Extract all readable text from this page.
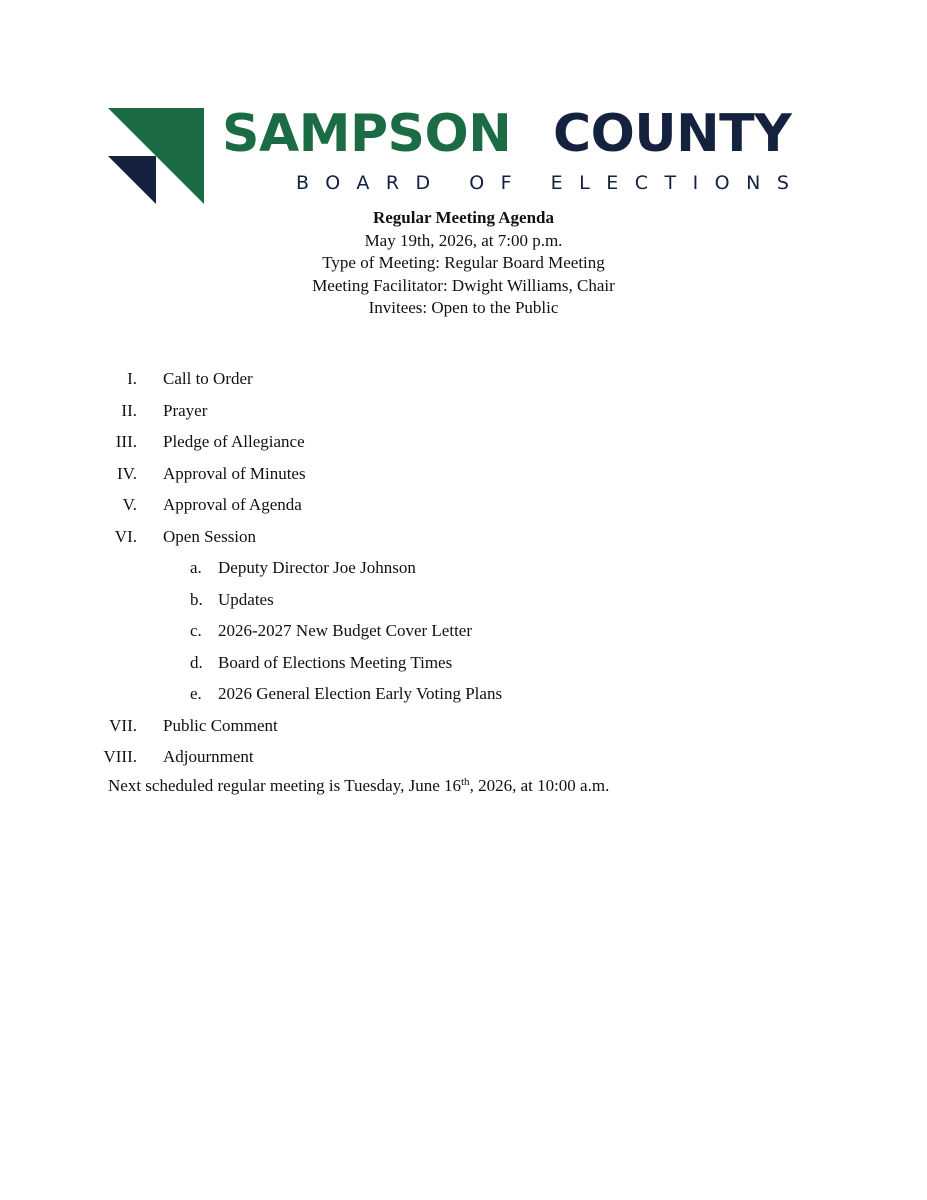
SAMPSON COUNTY
BOARD OF ELECTIONS
Regular Meeting Agenda
May 19th, 2026, at 7:00 p.m.
Type of Meeting: Regular Board Meeting
Meeting Facilitator: Dwight Williams, Chair
Invitees: Open to the Public
I. Call to Order
II. Prayer
III. Pledge of Allegiance
IV. Approval of Minutes
V. Approval of Agenda
VI. Open Session
a. Deputy Director Joe Johnson
b. Updates
c. 2026-2027 New Budget Cover Letter
d. Board of Elections Meeting Times
e. 2026 General Election Early Voting Plans
VII. Public Comment
VIII. Adjournment
Next scheduled regular meeting is Tuesday, June 16th, 2026, at 10:00 a.m.
